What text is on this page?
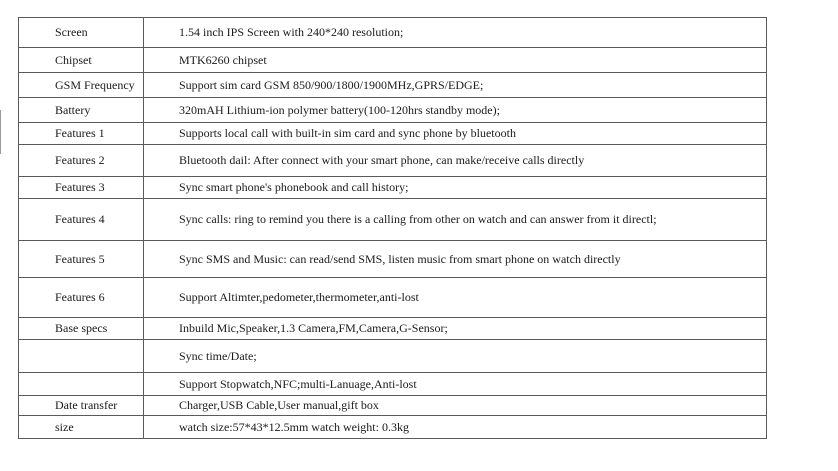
Screen	1.54 inch IPS Screen with 240*240 resolution;
Chipset	MTK6260 chipset
GSM Frequency	Support sim card GSM 850/900/1800/1900MHz,GPRS/EDGE;
Battery	320mAH Lithium-ion polymer battery(100-120hrs standby mode);
Features 1	Supports local call with built-in sim card and sync phone by bluetooth
Features 2	Bluetooth dail: After connect with your smart phone, can make/receive calls directly
Features 3	Sync smart phone's phonebook and call history;
Features 4	Sync calls: ring to remind you there is a calling from other on watch and can answer from it directl;
Features 5	Sync SMS and Music: can read/send SMS, listen music from smart phone on watch directly
Features 6	Support Altimter,pedometer,thermometer,anti-lost
Base specs	Inbuild Mic,Speaker,1.3 Camera,FM,Camera,G-Sensor;
	Sync time/Date;
	Support Stopwatch,NFC;multi-Lanuage,Anti-lost
Date transfer	Charger,USB Cable,User manual,gift box
size	watch size:57*43*12.5mm watch weight: 0.3kg
